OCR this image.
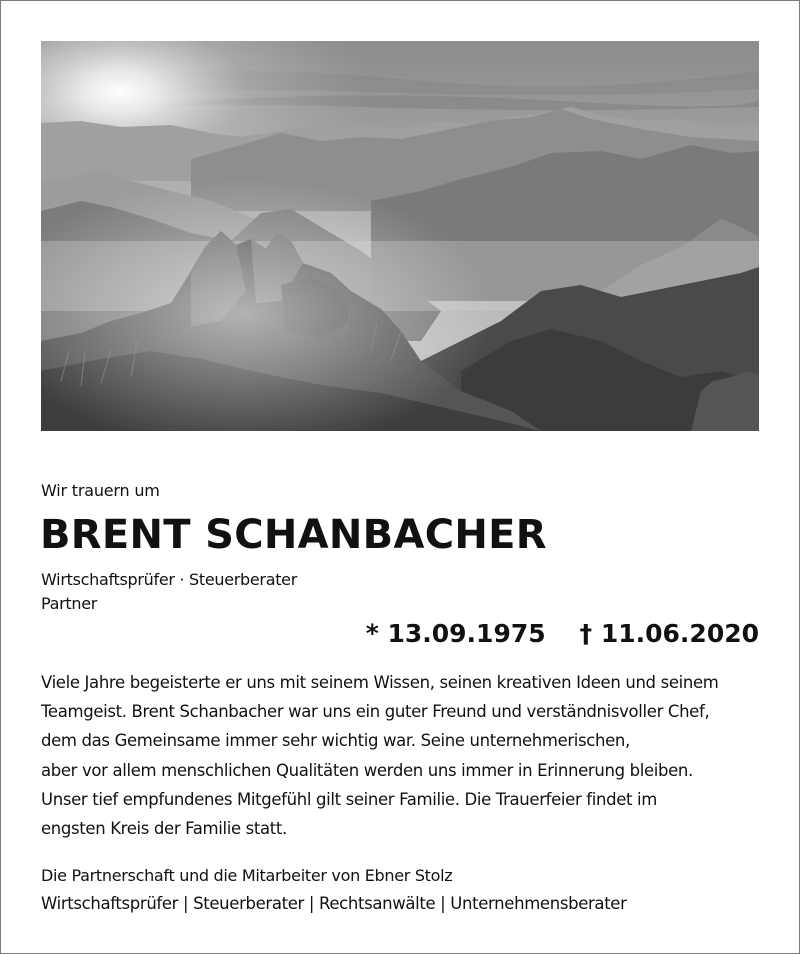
Wir trauern um
BRENT SCHANBACHER
Wirtschaftsprüfer · Steuerberater
Partner
* 13.09.1975 † 11.06.2020
Viele Jahre begeisterte er uns mit seinem Wissen, seinen kreativen Ideen und seinem
Teamgeist. Brent Schanbacher war uns ein guter Freund und verständnisvoller Chef,
dem das Gemeinsame immer sehr wichtig war. Seine unternehmerischen,
aber vor allem menschlichen Qualitäten werden uns immer in Erinnerung bleiben.
Unser tief empfundenes Mitgefühl gilt seiner Familie. Die Trauerfeier findet im
engsten Kreis der Familie statt.
Die Partnerschaft und die Mitarbeiter von Ebner Stolz
Wirtschaftsprüfer | Steuerberater | Rechtsanwälte | Unternehmensberater
